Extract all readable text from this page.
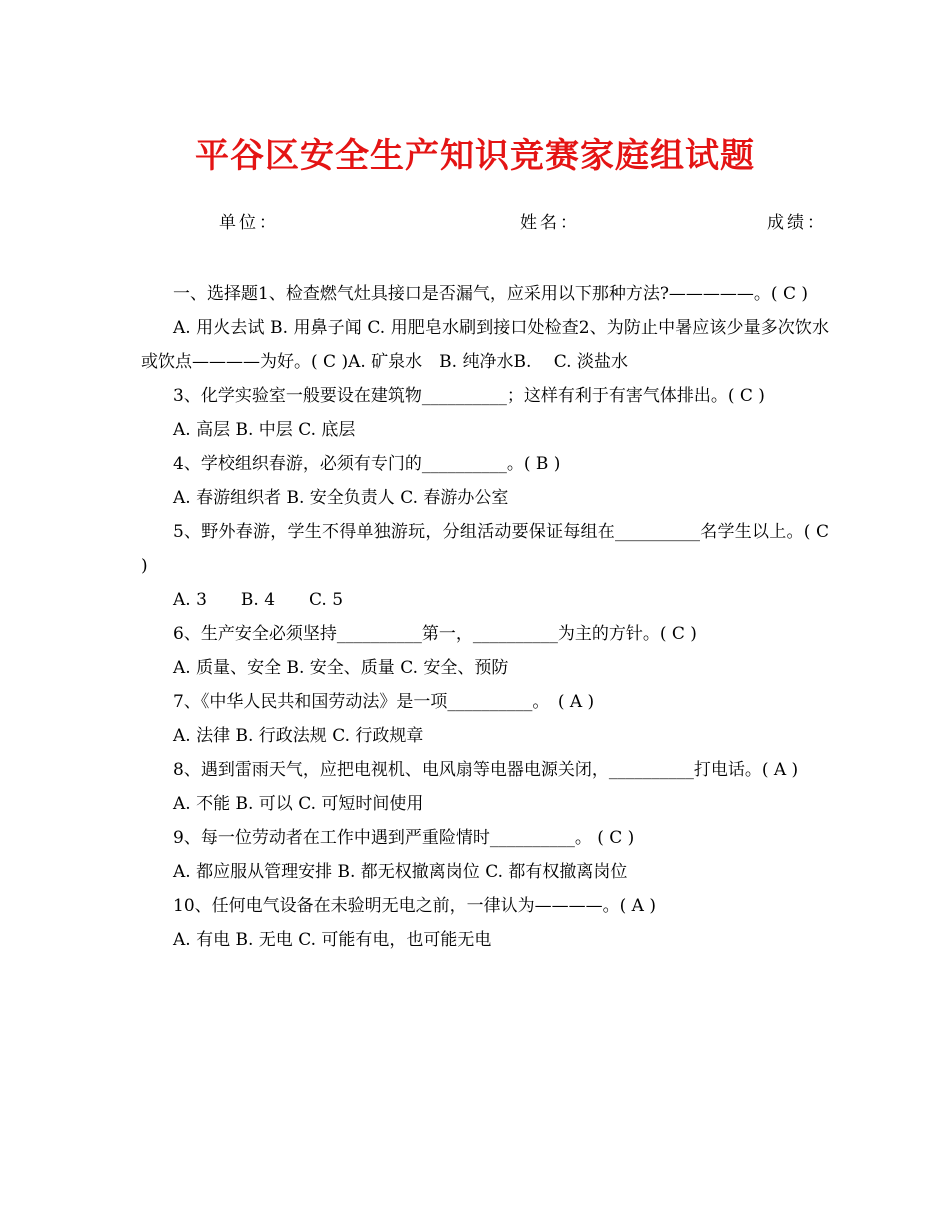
平谷区安全生产知识竞赛家庭组试题
单位：	姓名：	成绩：

一、选择题1、检查燃气灶具接口是否漏气，应采用以下那种方法?—————。( C )

A. 用火去试 B. 用鼻子闻 C. 用肥皂水刷到接口处检查2、为防止中暑应该少量多次饮水或饮点————为好。( C )A. 矿泉水　B. 纯净水B.　 C. 淡盐水

3、化学实验室一般要设在建筑物__________；这样有利于有害气体排出。( C )

A. 高层 B. 中层 C. 底层

4、学校组织春游，必须有专门的__________。( B )

A. 春游组织者 B. 安全负责人 C. 春游办公室

5、野外春游，学生不得单独游玩，分组活动要保证每组在__________名学生以上。( C )

A. 3　　B. 4　　C. 5

6、生产安全必须坚持__________第一，__________为主的方针。( C )

A. 质量、安全 B. 安全、质量 C. 安全、预防

7、《中华人民共和国劳动法》是一项__________。　( A )

A. 法律 B. 行政法规 C. 行政规章

8、遇到雷雨天气，应把电视机、电风扇等电器电源关闭，__________打电话。( A )

A. 不能 B. 可以 C. 可短时间使用

9、每一位劳动者在工作中遇到严重险情时__________。 ( C )

A. 都应服从管理安排 B. 都无权撤离岗位 C. 都有权撤离岗位

10、任何电气设备在未验明无电之前，一律认为————。( A )

A. 有电 B. 无电 C. 可能有电，也可能无电
